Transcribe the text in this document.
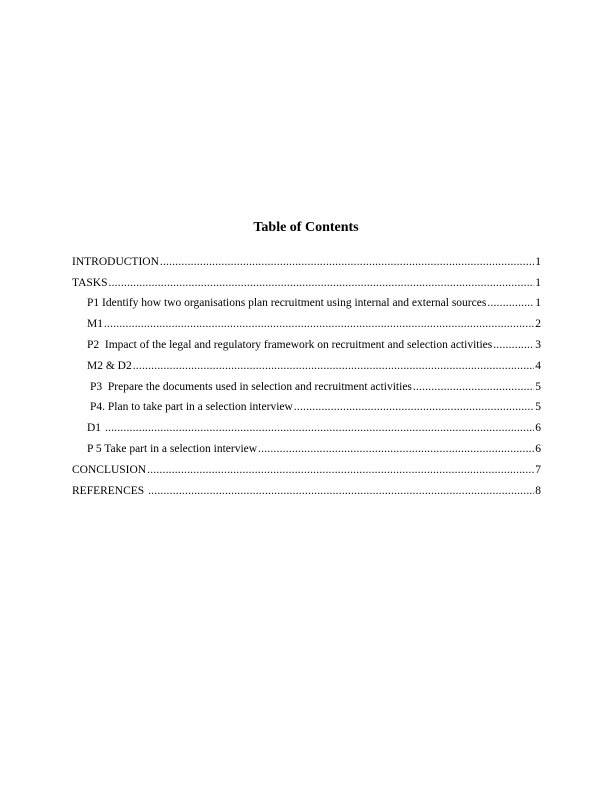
Table of Contents
INTRODUCTION .....	1
TASKS .....	1
P1 Identify how two organisations plan recruitment using internal and external sources .....	1
M1 .....	2
P2  Impact of the legal and regulatory framework on recruitment and selection activities .....	3
M2 & D2 .....	4
P3  Prepare the documents used in selection and recruitment activities .....	5
P4. Plan to take part in a selection interview .....	5
D1 .....	6
P 5 Take part in a selection interview .....	6
CONCLUSION .....	7
REFERENCES .....	8
